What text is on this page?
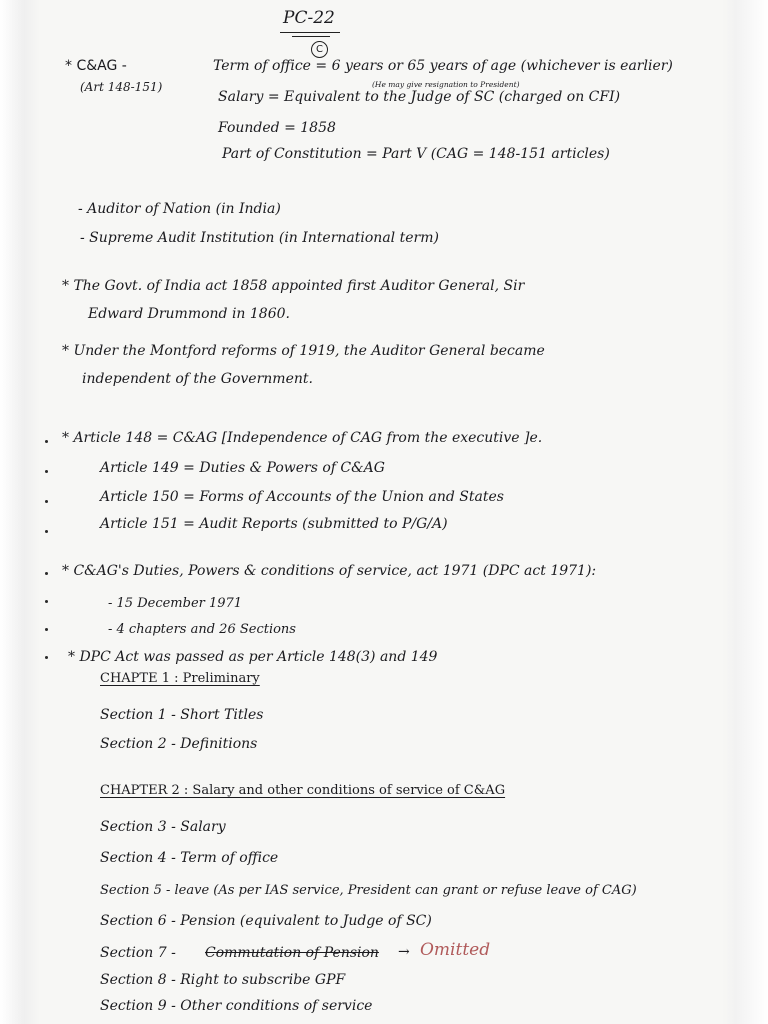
PC-22
C
* C&AG -
(Art 148-151)
Term of office = 6 years or 65 years of age (whichever is earlier)
(He may give resignation to President)
Salary = Equivalent to the Judge of SC (charged on CFI)
Founded = 1858
Part of Constitution = Part V (CAG = 148-151 articles)
- Auditor of Nation (in India)
- Supreme Audit Institution (in International term)
* The Govt. of India act 1858 appointed first Auditor General, Sir
Edward Drummond in 1860.
* Under the Montford reforms of 1919, the Auditor General became
independent of the Government.
* Article 148 = C&AG [Independence of CAG from the executive ]e.
Article 149 = Duties & Powers of C&AG
Article 150 = Forms of Accounts of the Union and States
Article 151 = Audit Reports (submitted to P/G/A)
* C&AG's Duties, Powers & conditions of service, act 1971 (DPC act 1971):
- 15 December 1971
- 4 chapters and 26 Sections
* DPC Act was passed as per Article 148(3) and 149
CHAPTE 1 : Preliminary
Section 1 - Short Titles
Section 2 - Definitions
CHAPTER 2 : Salary and other conditions of service of C&AG
Section 3 - Salary
Section 4 - Term of office
Section 5 - leave (As per IAS service, President can grant or refuse leave of CAG)
Section 6 - Pension (equivalent to Judge of SC)
Section 7 - Commutation of Pension → Omitted
Section 8 - Right to subscribe GPF
Section 9 - Other conditions of service
